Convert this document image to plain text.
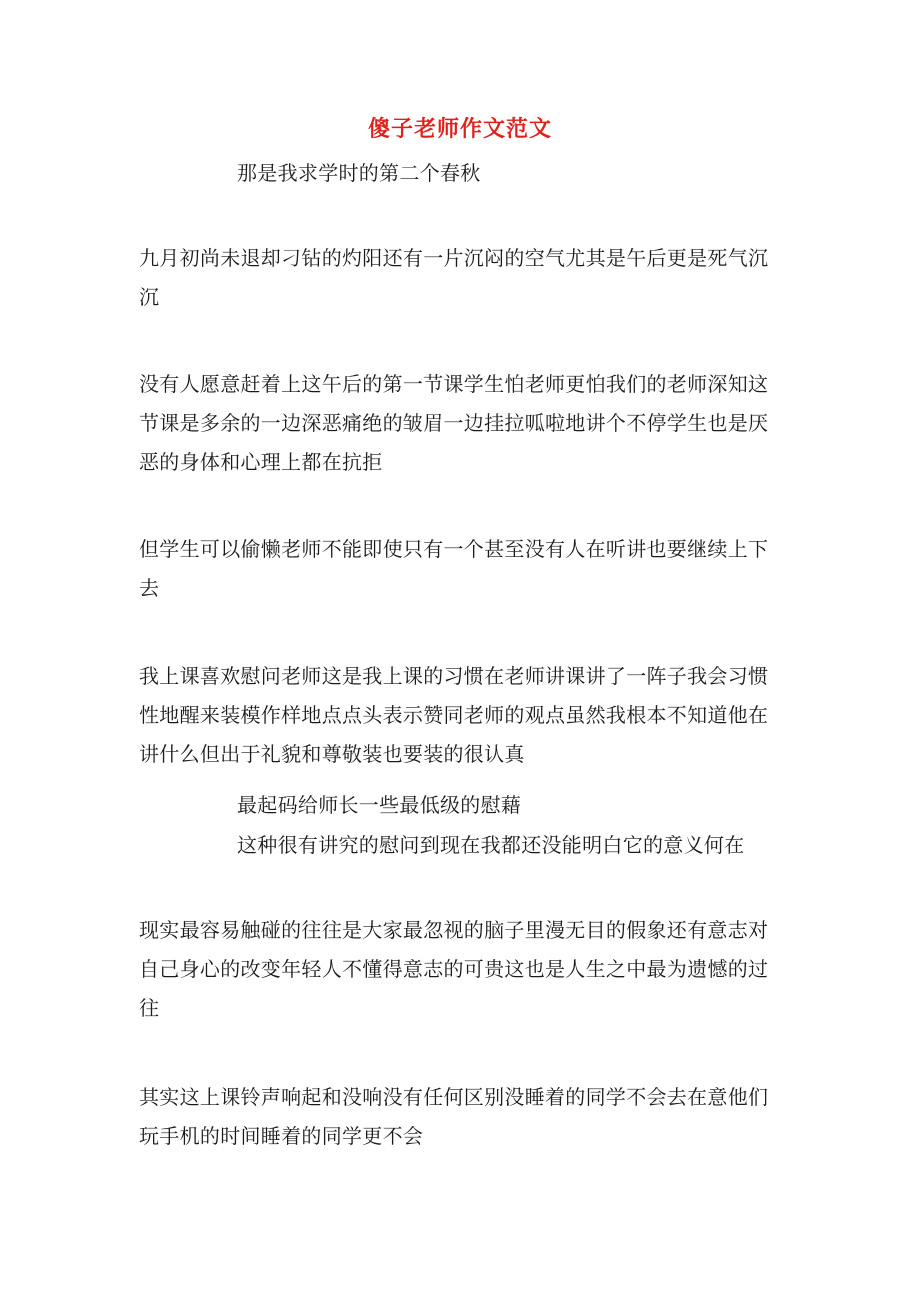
傻子老师作文范文
那是我求学时的第二个春秋
九月初尚未退却刁钻的灼阳还有一片沉闷的空气尤其是午后更是死气沉沉
没有人愿意赶着上这午后的第一节课学生怕老师更怕我们的老师深知这节课是多余的一边深恶痛绝的皱眉一边挂拉呱啦地讲个不停学生也是厌恶的身体和心理上都在抗拒
但学生可以偷懒老师不能即使只有一个甚至没有人在听讲也要继续上下去
我上课喜欢慰问老师这是我上课的习惯在老师讲课讲了一阵子我会习惯性地醒来装模作样地点点头表示赞同老师的观点虽然我根本不知道他在讲什么但出于礼貌和尊敬装也要装的很认真
最起码给师长一些最低级的慰藉
这种很有讲究的慰问到现在我都还没能明白它的意义何在
现实最容易触碰的往往是大家最忽视的脑子里漫无目的假象还有意志对自己身心的改变年轻人不懂得意志的可贵这也是人生之中最为遗憾的过往
其实这上课铃声响起和没响没有任何区别没睡着的同学不会去在意他们玩手机的时间睡着的同学更不会
